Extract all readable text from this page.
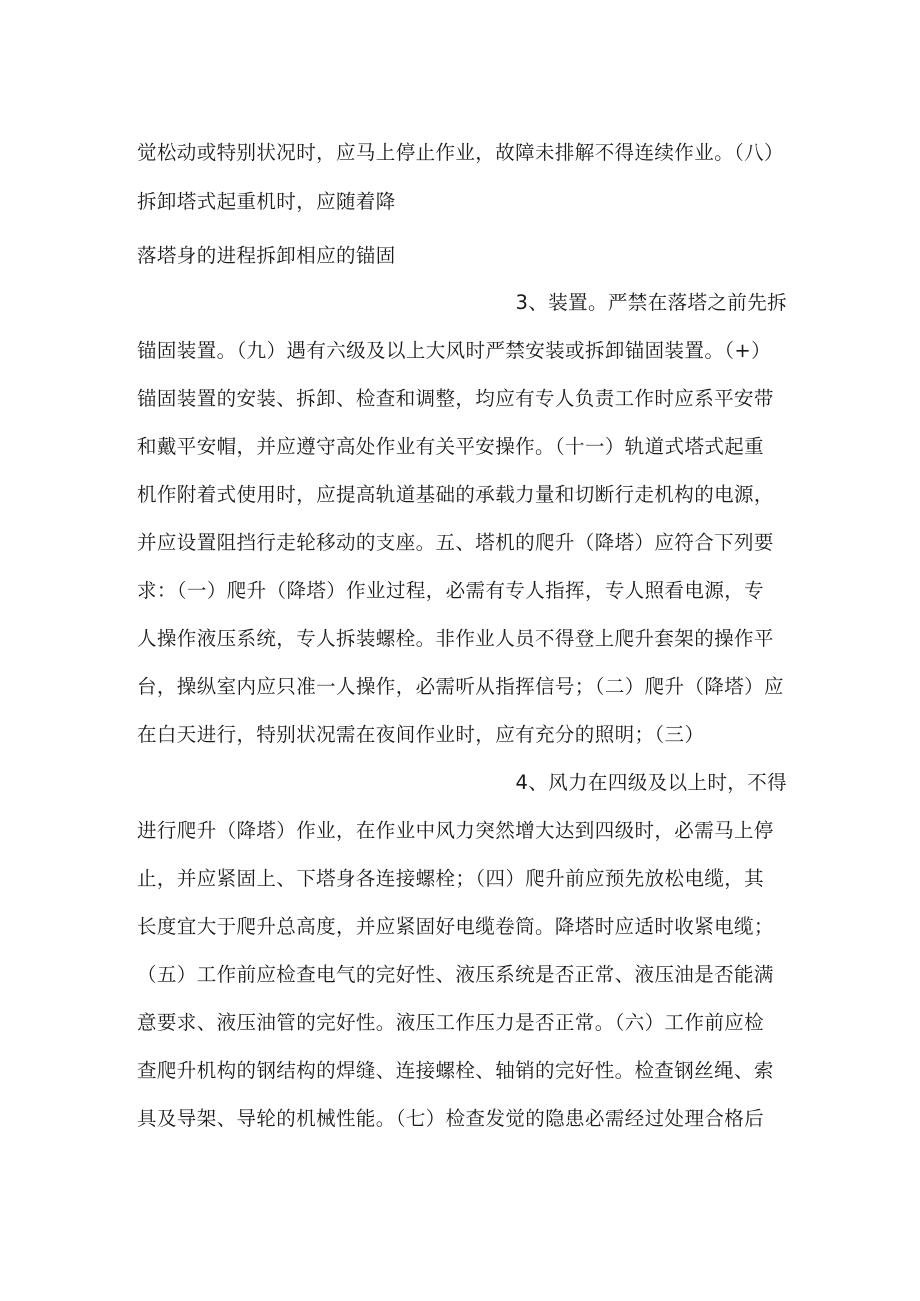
觉松动或特别状况时，应马上停止作业，故障未排解不得连续作业。（八）
拆卸塔式起重机时，应随着降
落塔身的进程拆卸相应的锚固
3、装置。严禁在落塔之前先拆
锚固装置。（九）遇有六级及以上大风时严禁安装或拆卸锚固装置。（+）
锚固装置的安装、拆卸、检查和调整，均应有专人负责工作时应系平安带
和戴平安帽，并应遵守高处作业有关平安操作。（十一）轨道式塔式起重
机作附着式使用时，应提高轨道基础的承载力量和切断行走机构的电源，
并应设置阻挡行走轮移动的支座。五、塔机的爬升（降塔）应符合下列要
求：（一）爬升（降塔）作业过程，必需有专人指挥，专人照看电源，专
人操作液压系统，专人拆装螺栓。非作业人员不得登上爬升套架的操作平
台，操纵室内应只准一人操作，必需听从指挥信号；（二）爬升（降塔）应
在白天进行，特别状况需在夜间作业时，应有充分的照明；（三）
4、风力在四级及以上时，不得
进行爬升（降塔）作业，在作业中风力突然增大达到四级时，必需马上停
止，并应紧固上、下塔身各连接螺栓；（四）爬升前应预先放松电缆，其
长度宜大于爬升总高度，并应紧固好电缆卷筒。降塔时应适时收紧电缆；
（五）工作前应检查电气的完好性、液压系统是否正常、液压油是否能满
意要求、液压油管的完好性。液压工作压力是否正常。（六）工作前应检
查爬升机构的钢结构的焊缝、连接螺栓、轴销的完好性。检查钢丝绳、索
具及导架、导轮的机械性能。（七）检查发觉的隐患必需经过处理合格后
